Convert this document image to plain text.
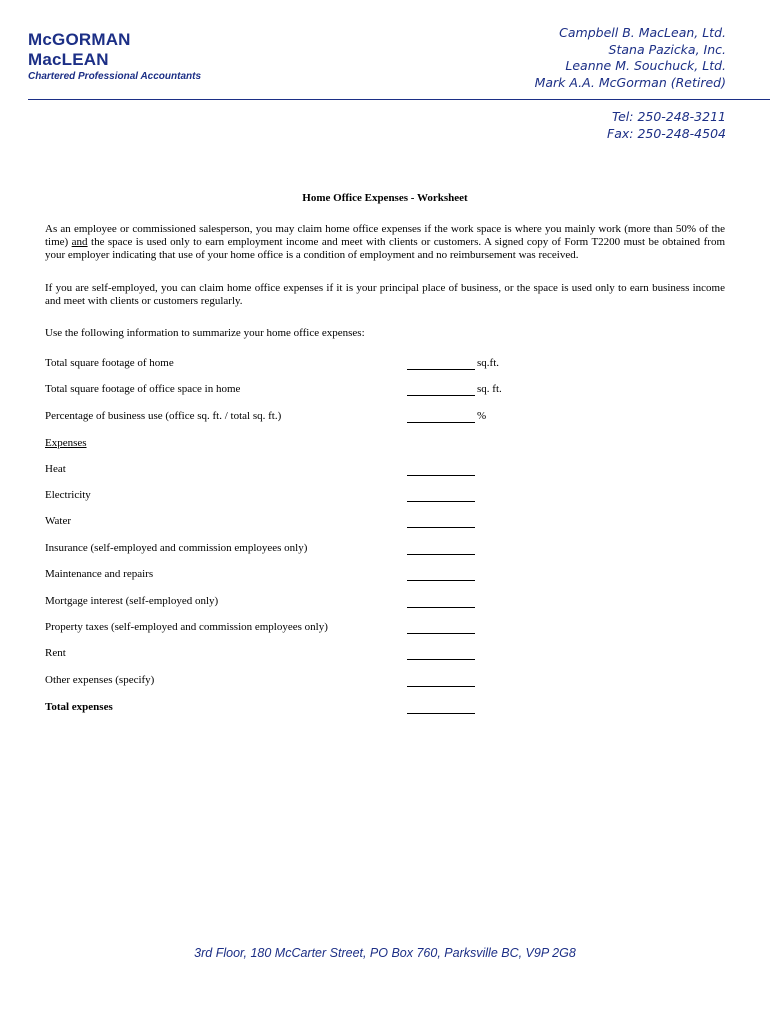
McGORMAN
MacLEAN
Chartered Professional Accountants
Campbell B. MacLean, Ltd.
Stana Pazicka, Inc.
Leanne M. Souchuck, Ltd.
Mark A.A. McGorman (Retired)
Tel: 250-248-3211
Fax: 250-248-4504
Home Office Expenses - Worksheet
As an employee or commissioned salesperson, you may claim home office expenses if the work space is where you mainly work (more than 50% of the time) and the space is used only to earn employment income and meet with clients or customers. A signed copy of Form T2200 must be obtained from your employer indicating that use of your home office is a condition of employment and no reimbursement was received.
If you are self-employed, you can claim home office expenses if it is your principal place of business, or the space is used only to earn business income and meet with clients or customers regularly.
Use the following information to summarize your home office expenses:
Total square footage of home	sq.ft.
Total square footage of office space in home	sq. ft.
Percentage of business use (office sq. ft. / total sq. ft.)	%
Expenses
Heat
Electricity
Water
Insurance (self-employed and commission employees only)
Maintenance and repairs
Mortgage interest (self-employed only)
Property taxes (self-employed and commission employees only)
Rent
Other expenses (specify)
Total expenses
3rd Floor, 180 McCarter Street, PO Box 760, Parksville BC, V9P 2G8
